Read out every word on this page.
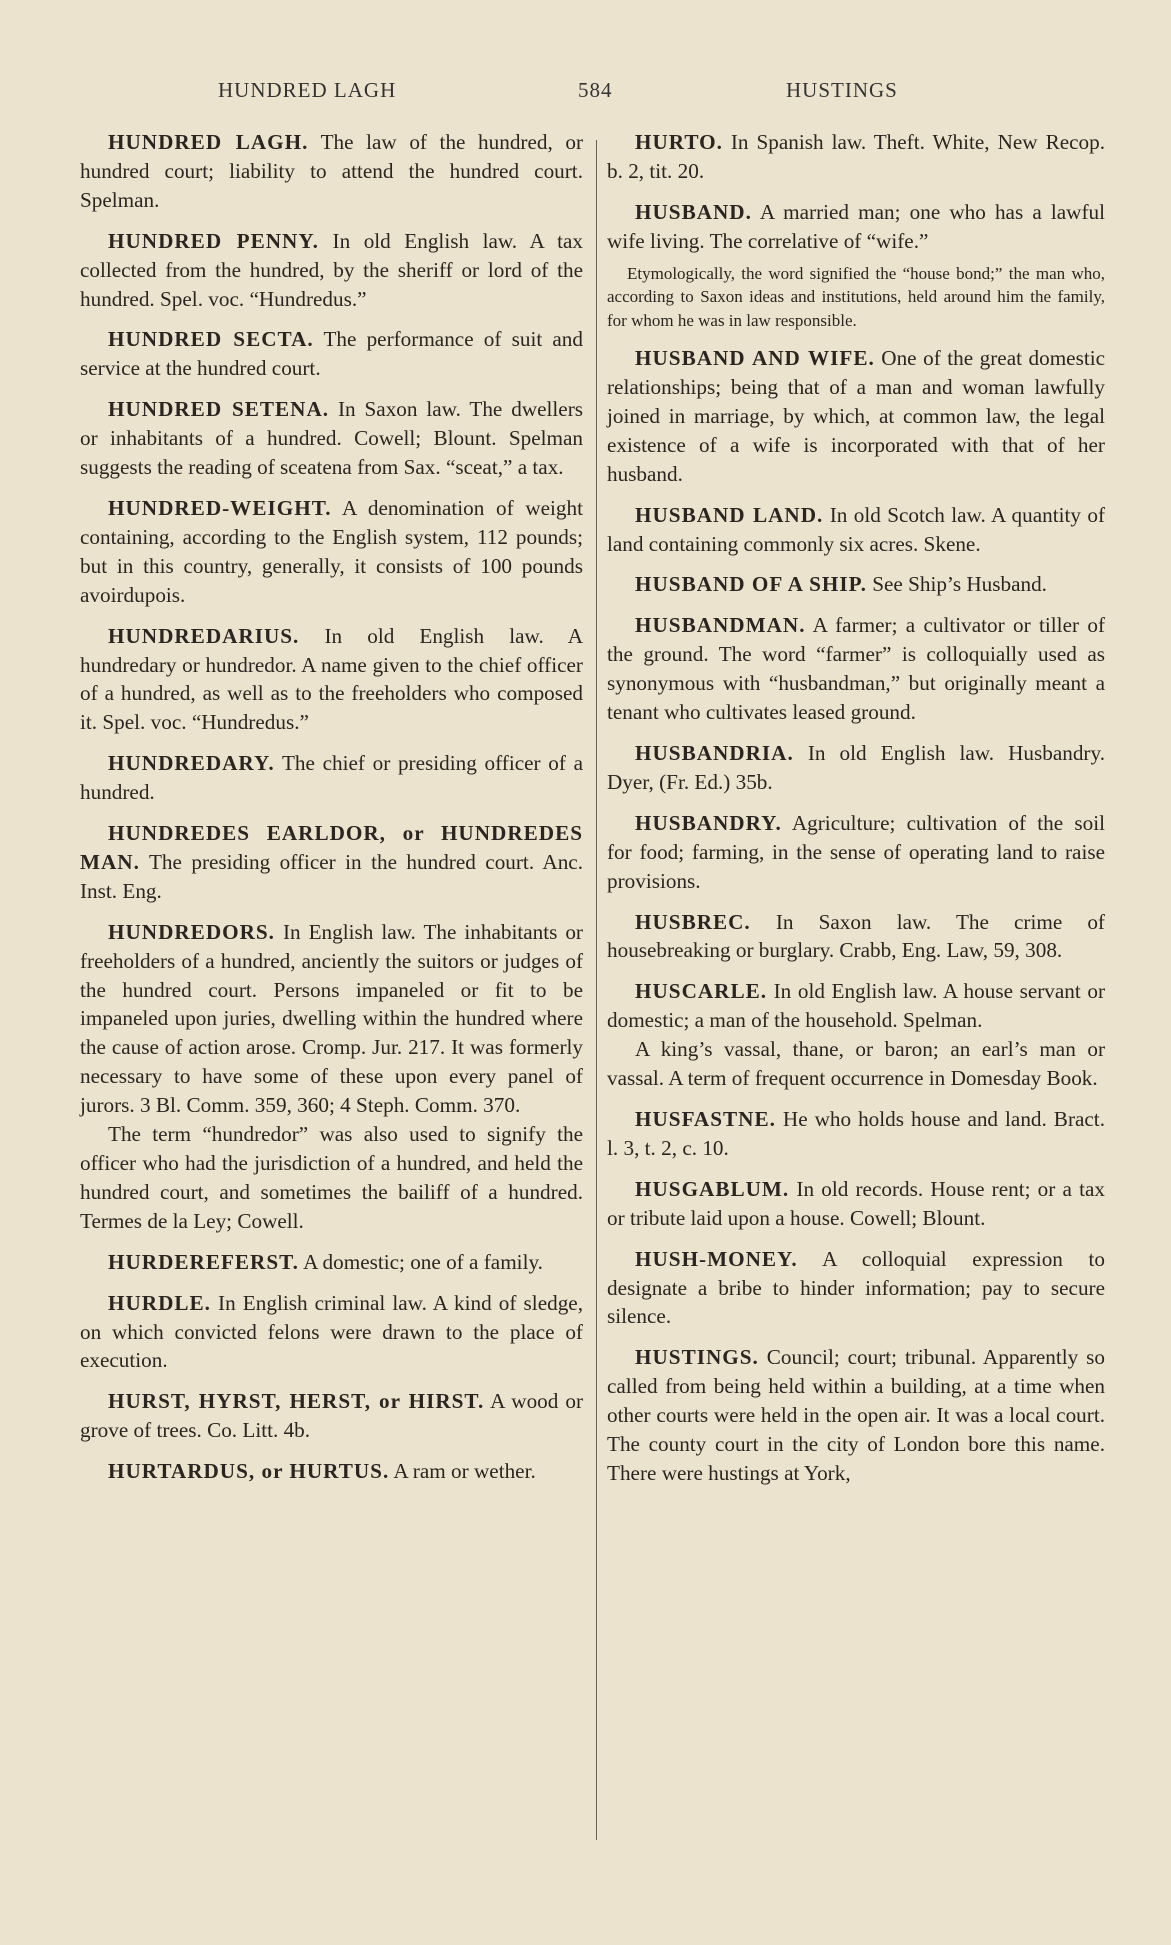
HUNDRED LAGH	584	HUSTINGS

HUNDRED LAGH. The law of the hundred, or hundred court; liability to attend the hundred court. Spelman.

HUNDRED PENNY. In old English law. A tax collected from the hundred, by the sheriff or lord of the hundred. Spel. voc. “Hundredus.”

HUNDRED SECTA. The performance of suit and service at the hundred court.

HUNDRED SETENA. In Saxon law. The dwellers or inhabitants of a hundred. Cowell; Blount. Spelman suggests the reading of sceatena from Sax. “sceat,” a tax.

HUNDRED-WEIGHT. A denomination of weight containing, according to the English system, 112 pounds; but in this country, generally, it consists of 100 pounds avoirdupois.

HUNDREDARIUS. In old English law. A hundredary or hundredor. A name given to the chief officer of a hundred, as well as to the freeholders who composed it. Spel. voc. “Hundredus.”

HUNDREDARY. The chief or presiding officer of a hundred.

HUNDREDES EARLDOR, or HUNDREDES MAN. The presiding officer in the hundred court. Anc. Inst. Eng.

HUNDREDORS. In English law. The inhabitants or freeholders of a hundred, anciently the suitors or judges of the hundred court. Persons impaneled or fit to be impaneled upon juries, dwelling within the hundred where the cause of action arose. Cromp. Jur. 217. It was formerly necessary to have some of these upon every panel of jurors. 3 Bl. Comm. 359, 360; 4 Steph. Comm. 370.

The term “hundredor” was also used to signify the officer who had the jurisdiction of a hundred, and held the hundred court, and sometimes the bailiff of a hundred. Termes de la Ley; Cowell.

HURDEREFERST. A domestic; one of a family.

HURDLE. In English criminal law. A kind of sledge, on which convicted felons were drawn to the place of execution.

HURST, HYRST, HERST, or HIRST. A wood or grove of trees. Co. Litt. 4b.

HURTARDUS, or HURTUS. A ram or wether.

HURTO. In Spanish law. Theft. White, New Recop. b. 2, tit. 20.

HUSBAND. A married man; one who has a lawful wife living. The correlative of “wife.”

Etymologically, the word signified the “house bond;” the man who, according to Saxon ideas and institutions, held around him the family, for whom he was in law responsible.

HUSBAND AND WIFE. One of the great domestic relationships; being that of a man and woman lawfully joined in marriage, by which, at common law, the legal existence of a wife is incorporated with that of her husband.

HUSBAND LAND. In old Scotch law. A quantity of land containing commonly six acres. Skene.

HUSBAND OF A SHIP. See Ship’s Husband.

HUSBANDMAN. A farmer; a cultivator or tiller of the ground. The word “farmer” is colloquially used as synonymous with “husbandman,” but originally meant a tenant who cultivates leased ground.

HUSBANDRIA. In old English law. Husbandry. Dyer, (Fr. Ed.) 35b.

HUSBANDRY. Agriculture; cultivation of the soil for food; farming, in the sense of operating land to raise provisions.

HUSBREC. In Saxon law. The crime of housebreaking or burglary. Crabb, Eng. Law, 59, 308.

HUSCARLE. In old English law. A house servant or domestic; a man of the household. Spelman.

A king’s vassal, thane, or baron; an earl’s man or vassal. A term of frequent occurrence in Domesday Book.

HUSFASTNE. He who holds house and land. Bract. l. 3, t. 2, c. 10.

HUSGABLUM. In old records. House rent; or a tax or tribute laid upon a house. Cowell; Blount.

HUSH-MONEY. A colloquial expression to designate a bribe to hinder information; pay to secure silence.

HUSTINGS. Council; court; tribunal. Apparently so called from being held within a building, at a time when other courts were held in the open air. It was a local court. The county court in the city of London bore this name. There were hustings at York,
